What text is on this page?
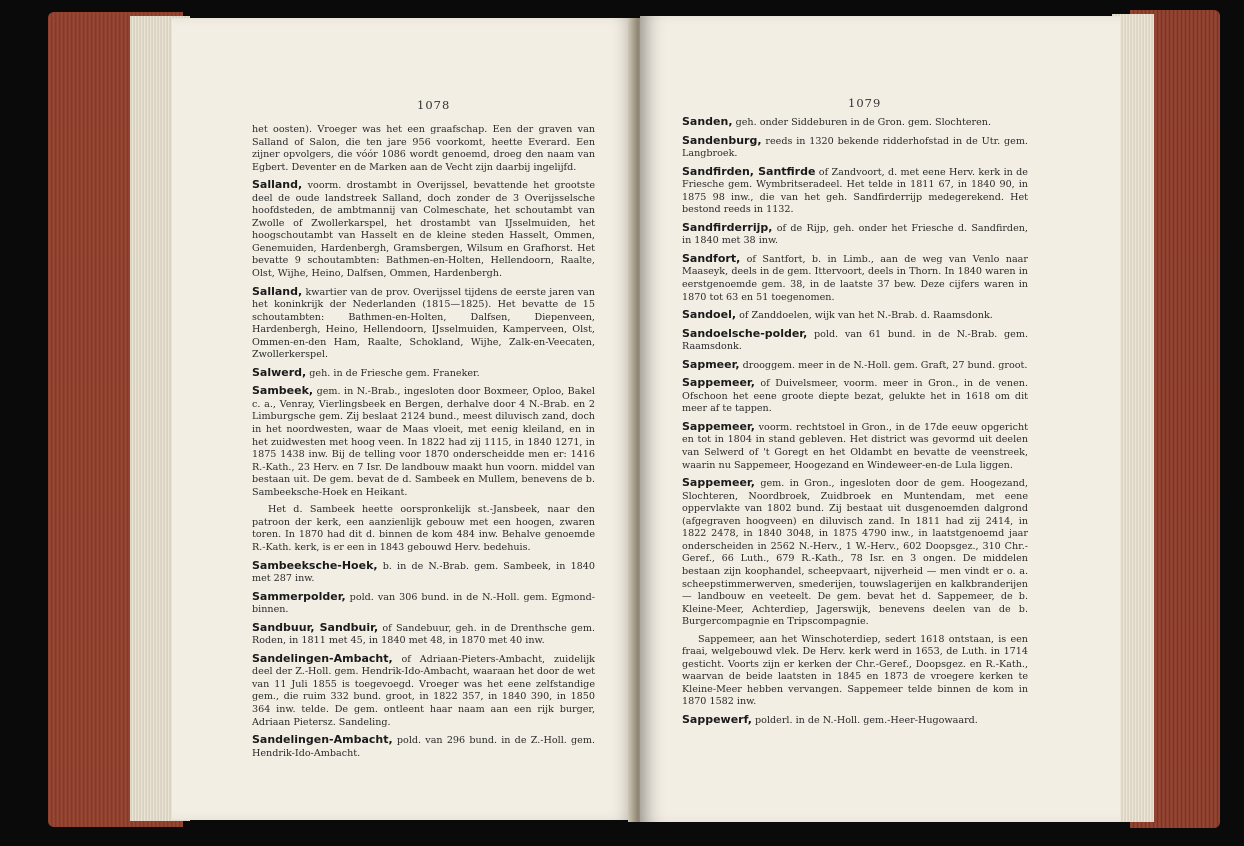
1078

het oosten). Vroeger was het een graafschap. Een der graven van Salland of Salon, die ten jare 956 voorkomt, heette Everard. Een zijner opvolgers, die vóór 1086 wordt genoemd, droeg den naam van Egbert. Deventer en de Marken aan de Vecht zijn daarbij ingelijfd.

Salland, voorm. drostambt in Overijssel, bevattende het grootste deel de oude landstreek Salland, doch zonder de 3 Overijsselsche hoofdsteden, de ambtmannij van Colmeschate, het schoutambt van Zwolle of Zwollerkarspel, het drostambt van IJsselmuiden, het hoogschoutambt van Hasselt en de kleine steden Hasselt, Ommen, Genemuiden, Hardenbergh, Gramsbergen, Wilsum en Grafhorst. Het bevatte 9 schoutambten: Bathmen-en-Holten, Hellendoorn, Raalte, Olst, Wijhe, Heino, Dalfsen, Ommen, Hardenbergh.

Salland, kwartier van de prov. Overijssel tijdens de eerste jaren van het koninkrijk der Nederlanden (1815—1825). Het bevatte de 15 schoutambten: Bathmen-en-Holten, Dalfsen, Diepenveen, Hardenbergh, Heino, Hellendoorn, IJsselmuiden, Kamperveen, Olst, Ommen-en-den Ham, Raalte, Schokland, Wijhe, Zalk-en-Veecaten, Zwollerkerspel.

Salwerd, geh. in de Friesche gem. Franeker.

Sambeek, gem. in N.-Brab., ingesloten door Boxmeer, Oploo, Bakel c. a., Venray, Vierlingsbeek en Bergen, derhalve door 4 N.-Brab. en 2 Limburgsche gem. Zij beslaat 2124 bund., meest diluvisch zand, doch in het noordwesten, waar de Maas vloeit, met eenig kleiland, en in het zuidwesten met hoog veen. In 1822 had zij 1115, in 1840 1271, in 1875 1438 inw. Bij de telling voor 1870 onderscheidde men er: 1416 R.-Kath., 23 Herv. en 7 Isr. De landbouw maakt hun voorn. middel van bestaan uit. De gem. bevat de d. Sambeek en Mullem, benevens de b. Sambeeksche-Hoek en Heikant.

Het d. Sambeek heette oorspronkelijk st.-Jansbeek, naar den patroon der kerk, een aanzienlijk gebouw met een hoogen, zwaren toren. In 1870 had dit d. binnen de kom 484 inw. Behalve genoemde R.-Kath. kerk, is er een in 1843 gebouwd Herv. bedehuis.

Sambeeksche-Hoek, b. in de N.-Brab. gem. Sambeek, in 1840 met 287 inw.

Sammerpolder, pold. van 306 bund. in de N.-Holl. gem. Egmond-binnen.

Sandbuur, Sandbuir, of Sandebuur, geh. in de Drenthsche gem. Roden, in 1811 met 45, in 1840 met 48, in 1870 met 40 inw.

Sandelingen-Ambacht, of Adriaan-Pieters-Ambacht, zuidelijk deel der Z.-Holl. gem. Hendrik-Ido-Ambacht, waaraan het door de wet van 11 Juli 1855 is toegevoegd. Vroeger was het eene zelfstandige gem., die ruim 332 bund. groot, in 1822 357, in 1840 390, in 1850 364 inw. telde. De gem. ontleent haar naam aan een rijk burger, Adriaan Pietersz. Sandeling.

Sandelingen-Ambacht, pold. van 296 bund. in de Z.-Holl. gem. Hendrik-Ido-Ambacht.

1079

Sanden, geh. onder Siddeburen in de Gron. gem. Slochteren.

Sandenburg, reeds in 1320 bekende ridderhofstad in de Utr. gem. Langbroek.

Sandfirden, Santfirde of Zandvoort, d. met eene Herv. kerk in de Friesche gem. Wymbritseradeel. Het telde in 1811 67, in 1840 90, in 1875 98 inw., die van het geh. Sandfirderrijp medegerekend. Het bestond reeds in 1132.

Sandfirderrijp, of de Rijp, geh. onder het Friesche d. Sandfirden, in 1840 met 38 inw.

Sandfort, of Santfort, b. in Limb., aan de weg van Venlo naar Maaseyk, deels in de gem. Ittervoort, deels in Thorn. In 1840 waren in eerstgenoemde gem. 38, in de laatste 37 bew. Deze cijfers waren in 1870 tot 63 en 51 toegenomen.

Sandoel, of Zanddoelen, wijk van het N.-Brab. d. Raamsdonk.

Sandoelsche-polder, pold. van 61 bund. in de N.-Brab. gem. Raamsdonk.

Sapmeer, drooggem. meer in de N.-Holl. gem. Graft, 27 bund. groot.

Sappemeer, of Duivelsmeer, voorm. meer in Gron., in de venen. Ofschoon het eene groote diepte bezat, gelukte het in 1618 om dit meer af te tappen.

Sappemeer, voorm. rechtstoel in Gron., in de 17de eeuw opgericht en tot in 1804 in stand gebleven. Het district was gevormd uit deelen van Selwerd of 't Goregt en het Oldambt en bevatte de veenstreek, waarin nu Sappemeer, Hoogezand en Windeweer-en-de Lula liggen.

Sappemeer, gem. in Gron., ingesloten door de gem. Hoogezand, Slochteren, Noordbroek, Zuidbroek en Muntendam, met eene oppervlakte van 1802 bund. Zij bestaat uit dusgenoemden dalgrond (afgegraven hoogveen) en diluvisch zand. In 1811 had zij 2414, in 1822 2478, in 1840 3048, in 1875 4790 inw., in laatstgenoemd jaar onderscheiden in 2562 N.-Herv., 1 W.-Herv., 602 Doopsgez., 310 Chr.-Geref., 66 Luth., 679 R.-Kath., 78 Isr. en 3 ongen. De middelen bestaan zijn koophandel, scheepvaart, nijverheid — men vindt er o. a. scheepstimmerwerven, smederijen, touwslagerijen en kalkbranderijen — landbouw en veeteelt. De gem. bevat het d. Sappemeer, de b. Kleine-Meer, Achterdiep, Jagerswijk, benevens deelen van de b. Burgercompagnie en Tripscompagnie.

Sappemeer, aan het Winschoterdiep, sedert 1618 ontstaan, is een fraai, welgebouwd vlek. De Herv. kerk werd in 1653, de Luth. in 1714 gesticht. Voorts zijn er kerken der Chr.-Geref., Doopsgez. en R.-Kath., waarvan de beide laatsten in 1845 en 1873 de vroegere kerken te Kleine-Meer hebben vervangen. Sappemeer telde binnen de kom in 1870 1582 inw.

Sappewerf, polderl. in de N.-Holl. gem.-Heer-Hugowaard.
